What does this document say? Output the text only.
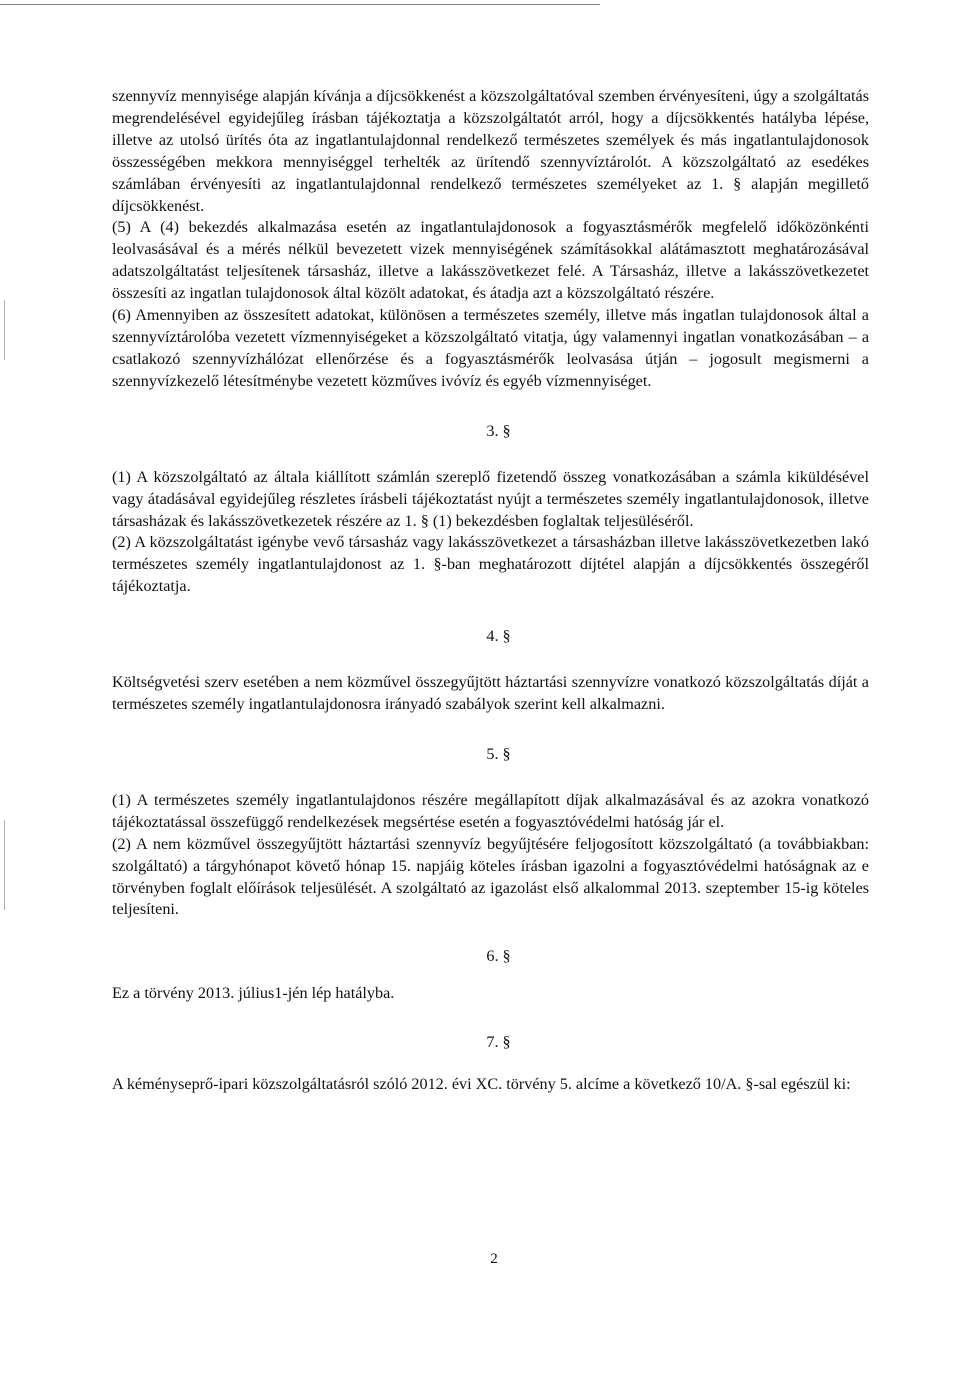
szennyvíz mennyisége alapján kívánja a díjcsökkenést a közszolgáltatóval szemben érvényesíteni, úgy a szolgáltatás megrendelésével egyidejűleg írásban tájékoztatja a közszolgáltatót arról, hogy a díjcsökkentés hatályba lépése, illetve az utolsó ürítés óta az ingatlantulajdonnal rendelkező természetes személyek és más ingatlantulajdonosok összességében mekkora mennyiséggel terhelték az ürítendő szennyvíztárolót. A közszolgáltató az esedékes számlában érvényesíti az ingatlantulajdonnal rendelkező természetes személyeket az 1. § alapján megillető díjcsökkenést.

(5) A (4) bekezdés alkalmazása esetén az ingatlantulajdonosok a fogyasztásmérők megfelelő időközönkénti leolvasásával és a mérés nélkül bevezetett vizek mennyiségének számításokkal alátámasztott meghatározásával adatszolgáltatást teljesítenek társasház, illetve a lakásszövetkezet felé. A Társasház, illetve a lakásszövetkezetet összesíti az ingatlan tulajdonosok által közölt adatokat, és átadja azt a közszolgáltató részére.

(6) Amennyiben az összesített adatokat, különösen a természetes személy, illetve más ingatlan tulajdonosok által a szennyvíztárolóba vezetett vízmennyiségeket a közszolgáltató vitatja, úgy valamennyi ingatlan vonatkozásában – a csatlakozó szennyvízhálózat ellenőrzése és a fogyasztásmérők leolvasása útján – jogosult megismerni a szennyvízkezelő létesítménybe vezetett közműves ivóvíz és egyéb vízmennyiséget.

3. §

(1) A közszolgáltató az általa kiállított számlán szereplő fizetendő összeg vonatkozásában a számla kiküldésével vagy átadásával egyidejűleg részletes írásbeli tájékoztatást nyújt a természetes személy ingatlantulajdonosok, illetve társasházak és lakásszövetkezetek részére az 1. § (1) bekezdésben foglaltak teljesüléséről.

(2) A közszolgáltatást igénybe vevő társasház vagy lakásszövetkezet a társasházban illetve lakásszövetkezetben lakó természetes személy ingatlantulajdonost az 1. §-ban meghatározott díjtétel alapján a díjcsökkentés összegéről tájékoztatja.

4. §

Költségvetési szerv esetében a nem közművel összegyűjtött háztartási szennyvízre vonatkozó közszolgáltatás díját a természetes személy ingatlantulajdonosra irányadó szabályok szerint kell alkalmazni.

5. §

(1) A természetes személy ingatlantulajdonos részére megállapított díjak alkalmazásával és az azokra vonatkozó tájékoztatással összefüggő rendelkezések megsértése esetén a fogyasztóvédelmi hatóság jár el.

(2) A nem közművel összegyűjtött háztartási szennyvíz begyűjtésére feljogosított közszolgáltató (a továbbiakban: szolgáltató) a tárgyhónapot követő hónap 15. napjáig köteles írásban igazolni a fogyasztóvédelmi hatóságnak az e törvényben foglalt előírások teljesülését. A szolgáltató az igazolást első alkalommal 2013. szeptember 15-ig köteles teljesíteni.

6. §

Ez a törvény 2013. július1-jén lép hatályba.

7. §

A kéményseprő-ipari közszolgáltatásról szóló 2012. évi XC. törvény 5. alcíme a következő 10/A. §-sal egészül ki:

2
